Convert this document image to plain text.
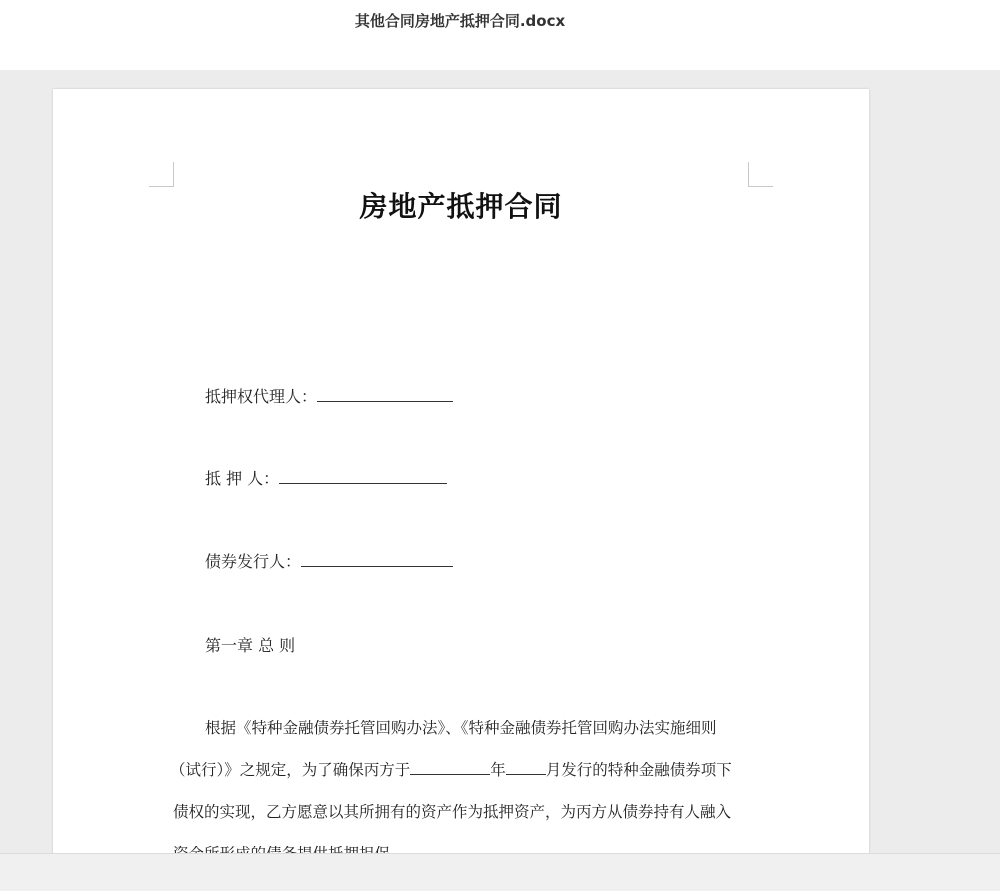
其他合同房地产抵押合同.docx
房地产抵押合同
抵押权代理人：
抵 押 人：
债券发行人：
第一章 总 则
根据《特种金融债券托管回购办法》、《特种金融债券托管回购办法实施细则
（试行）》之规定，为了确保丙方于	年	月发行的特种金融债券项下
债权的实现，乙方愿意以其所拥有的资产作为抵押资产，为丙方从债券持有人融入
